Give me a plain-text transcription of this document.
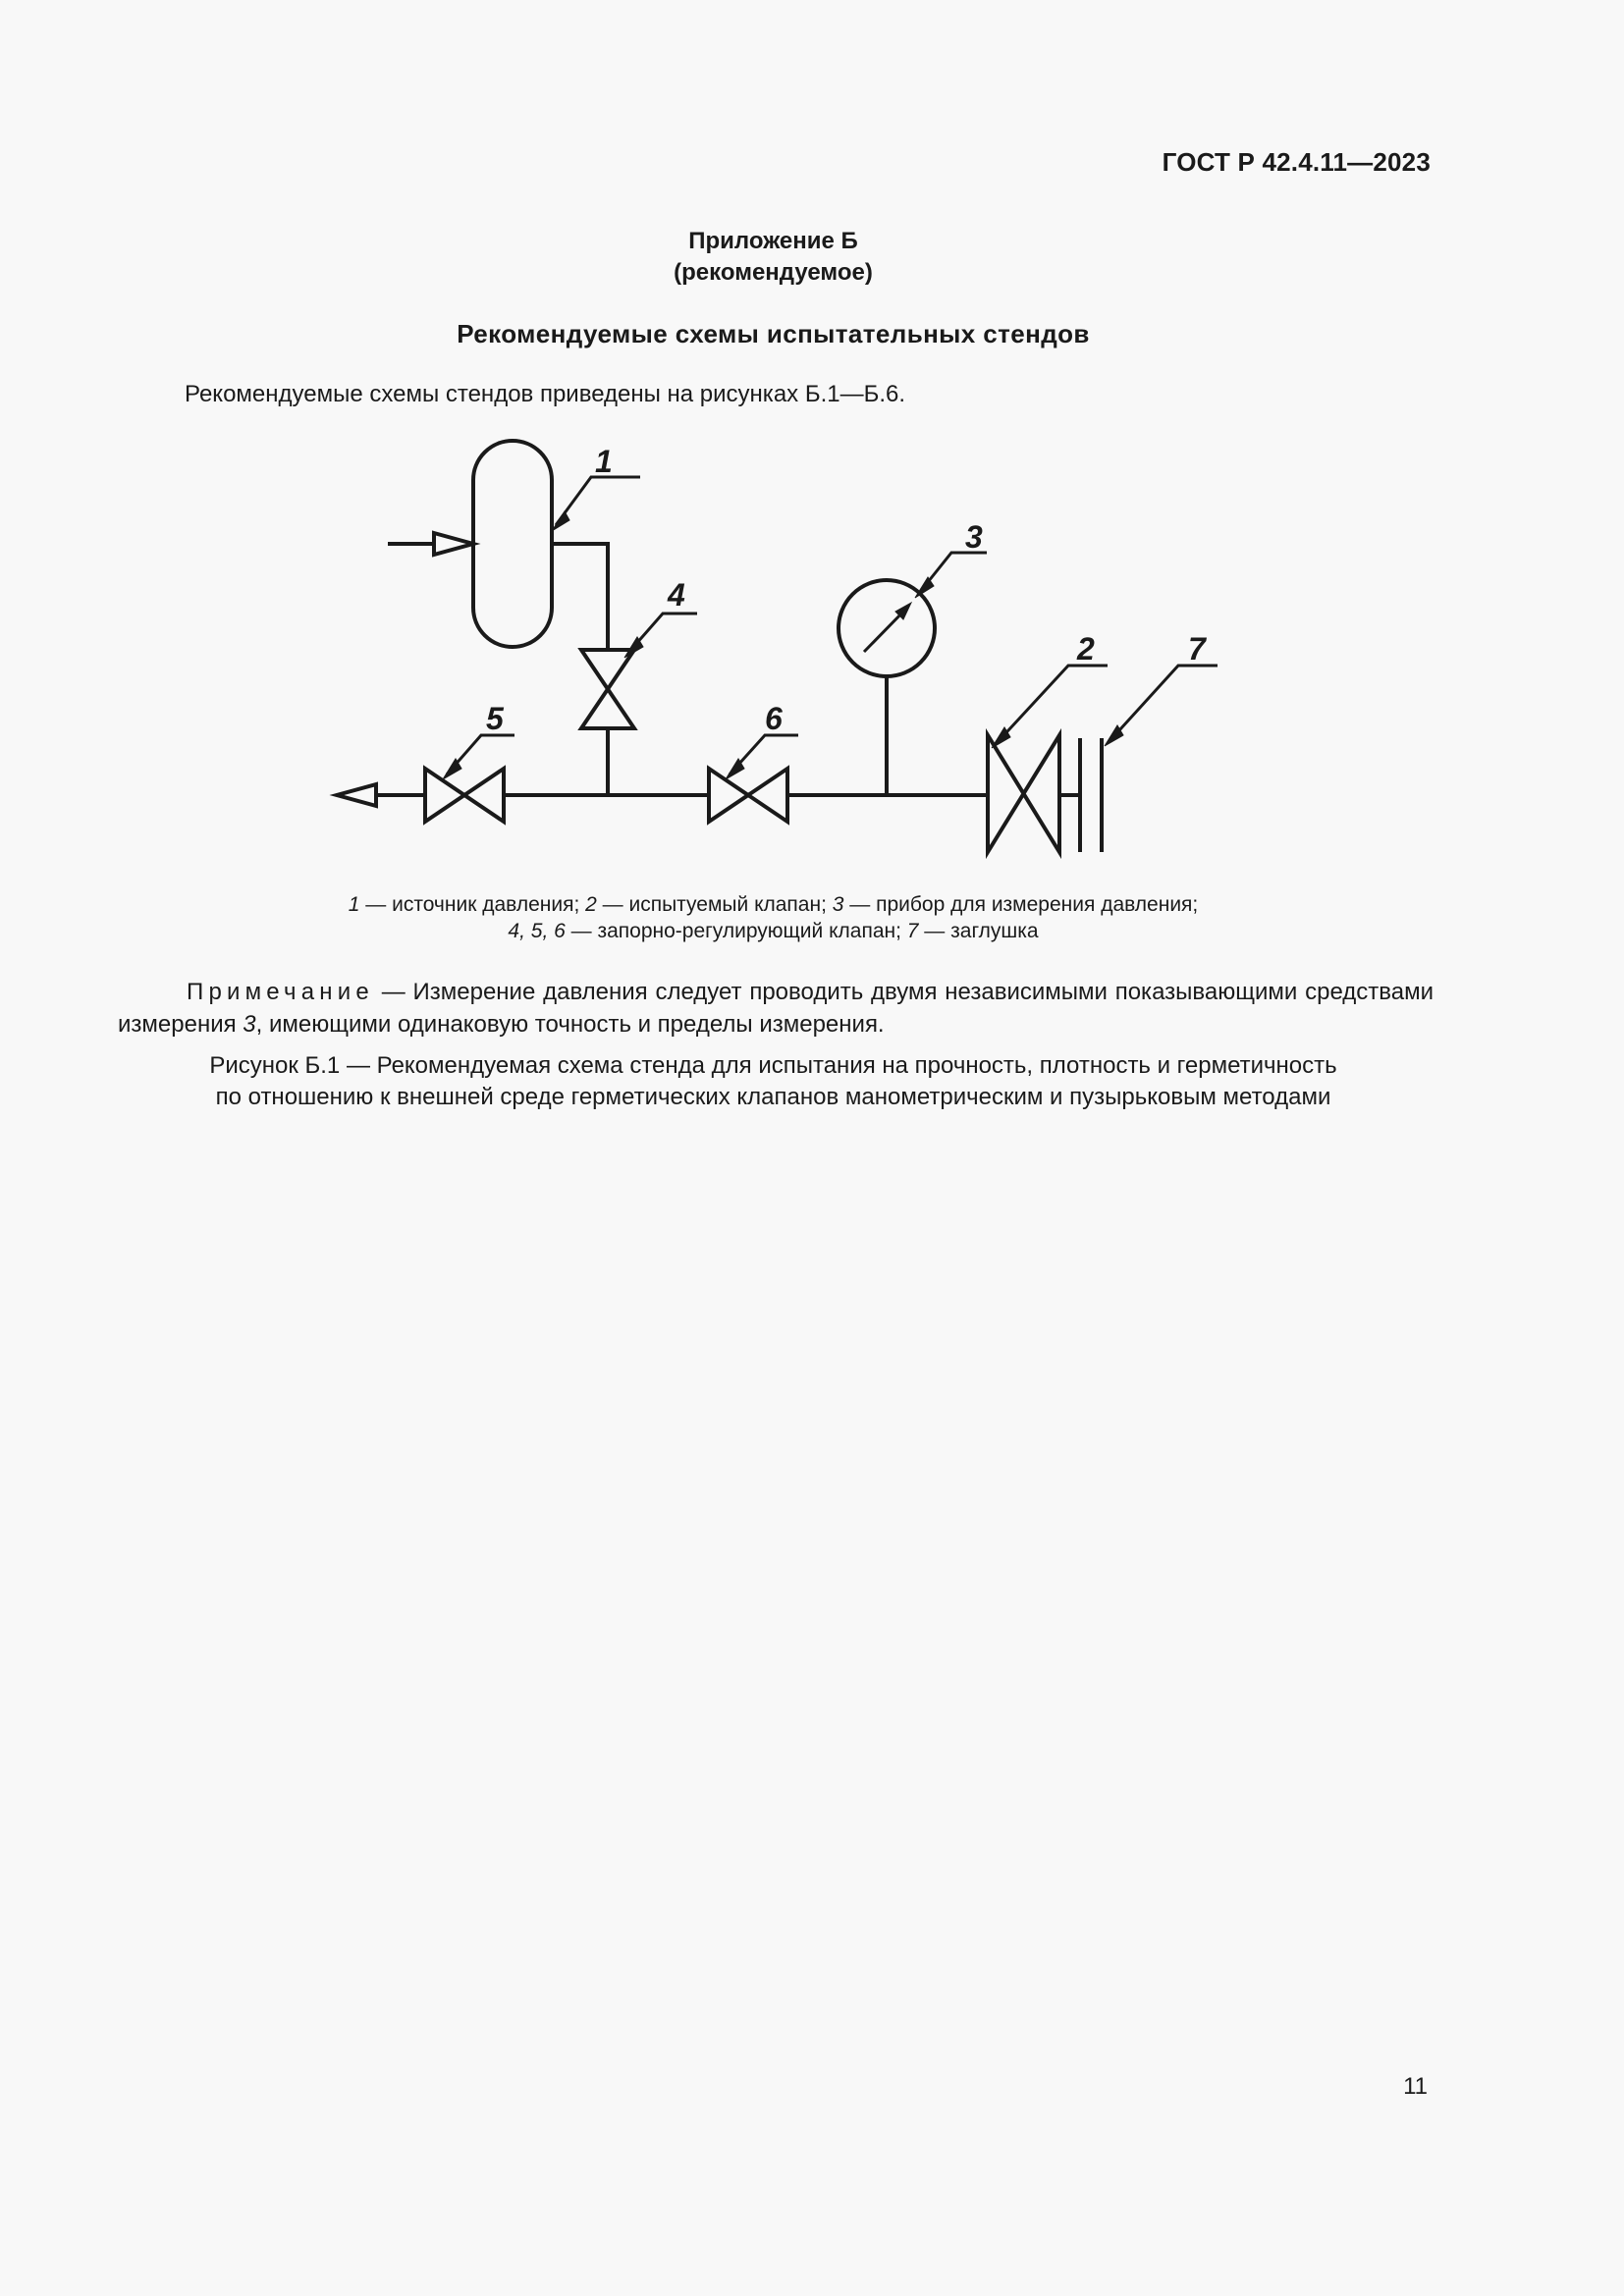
ГОСТ Р 42.4.11—2023
Приложение Б
(рекомендуемое)
Рекомендуемые схемы испытательных стендов
Рекомендуемые схемы стендов приведены на рисунках Б.1—Б.6.
1
3
4
2	7
5	6
1 — источник давления; 2 — испытуемый клапан; 3 — прибор для измерения давления;
4, 5, 6 — запорно-регулирующий клапан; 7 — заглушка
Примечание — Измерение давления следует проводить двумя независимыми показывающими средствами измерения 3, имеющими одинаковую точность и пределы измерения.
Рисунок Б.1 — Рекомендуемая схема стенда для испытания на прочность, плотность и герметичность
по отношению к внешней среде герметических клапанов манометрическим и пузырьковым методами
11
